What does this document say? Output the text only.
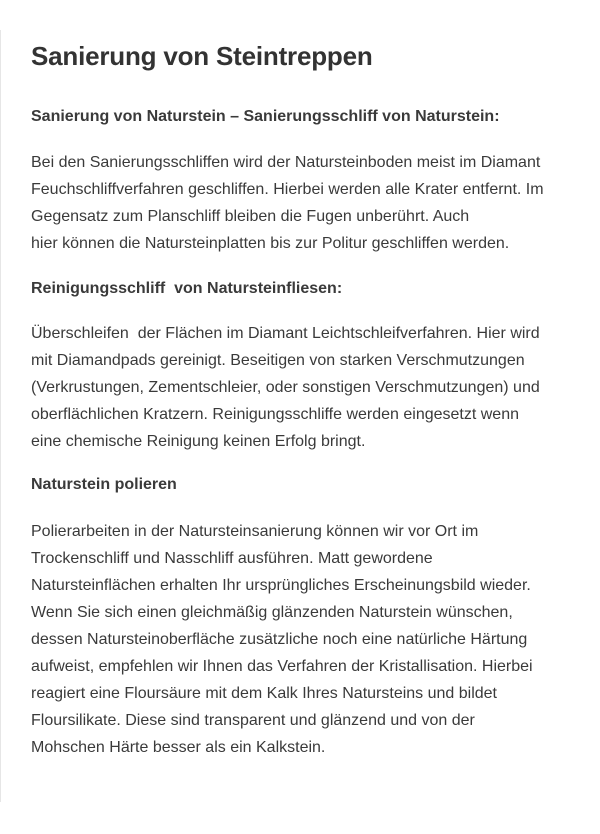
Sanierung von Steintreppen
Sanierung von Naturstein – Sanierungsschliff von Naturstein:

Bei den Sanierungsschliffen wird der Natursteinboden meist im Diamant
Feuchschliffverfahren geschliffen. Hierbei werden alle Krater entfernt. Im
Gegensatz zum Planschliff bleiben die Fugen unberührt. Auch
hier können die Natursteinplatten bis zur Politur geschliffen werden.

Reinigungsschliff  von Natursteinfliesen:

Überschleifen  der Flächen im Diamant Leichtschleifverfahren. Hier wird
mit Diamandpads gereinigt. Beseitigen von starken Verschmutzungen
(Verkrustungen, Zementschleier, oder sonstigen Verschmutzungen) und
oberflächlichen Kratzern. Reinigungsschliffe werden eingesetzt wenn
eine chemische Reinigung keinen Erfolg bringt.

Naturstein polieren

Polierarbeiten in der Natursteinsanierung können wir vor Ort im
Trockenschliff und Nasschliff ausführen. Matt gewordene
Natursteinflächen erhalten Ihr ursprüngliches Erscheinungsbild wieder.
Wenn Sie sich einen gleichmäßig glänzenden Naturstein wünschen,
dessen Natursteinoberfläche zusätzliche noch eine natürliche Härtung
aufweist, empfehlen wir Ihnen das Verfahren der Kristallisation. Hierbei
reagiert eine Floursäure mit dem Kalk Ihres Natursteins und bildet
Floursilikate. Diese sind transparent und glänzend und von der
Mohschen Härte besser als ein Kalkstein.
